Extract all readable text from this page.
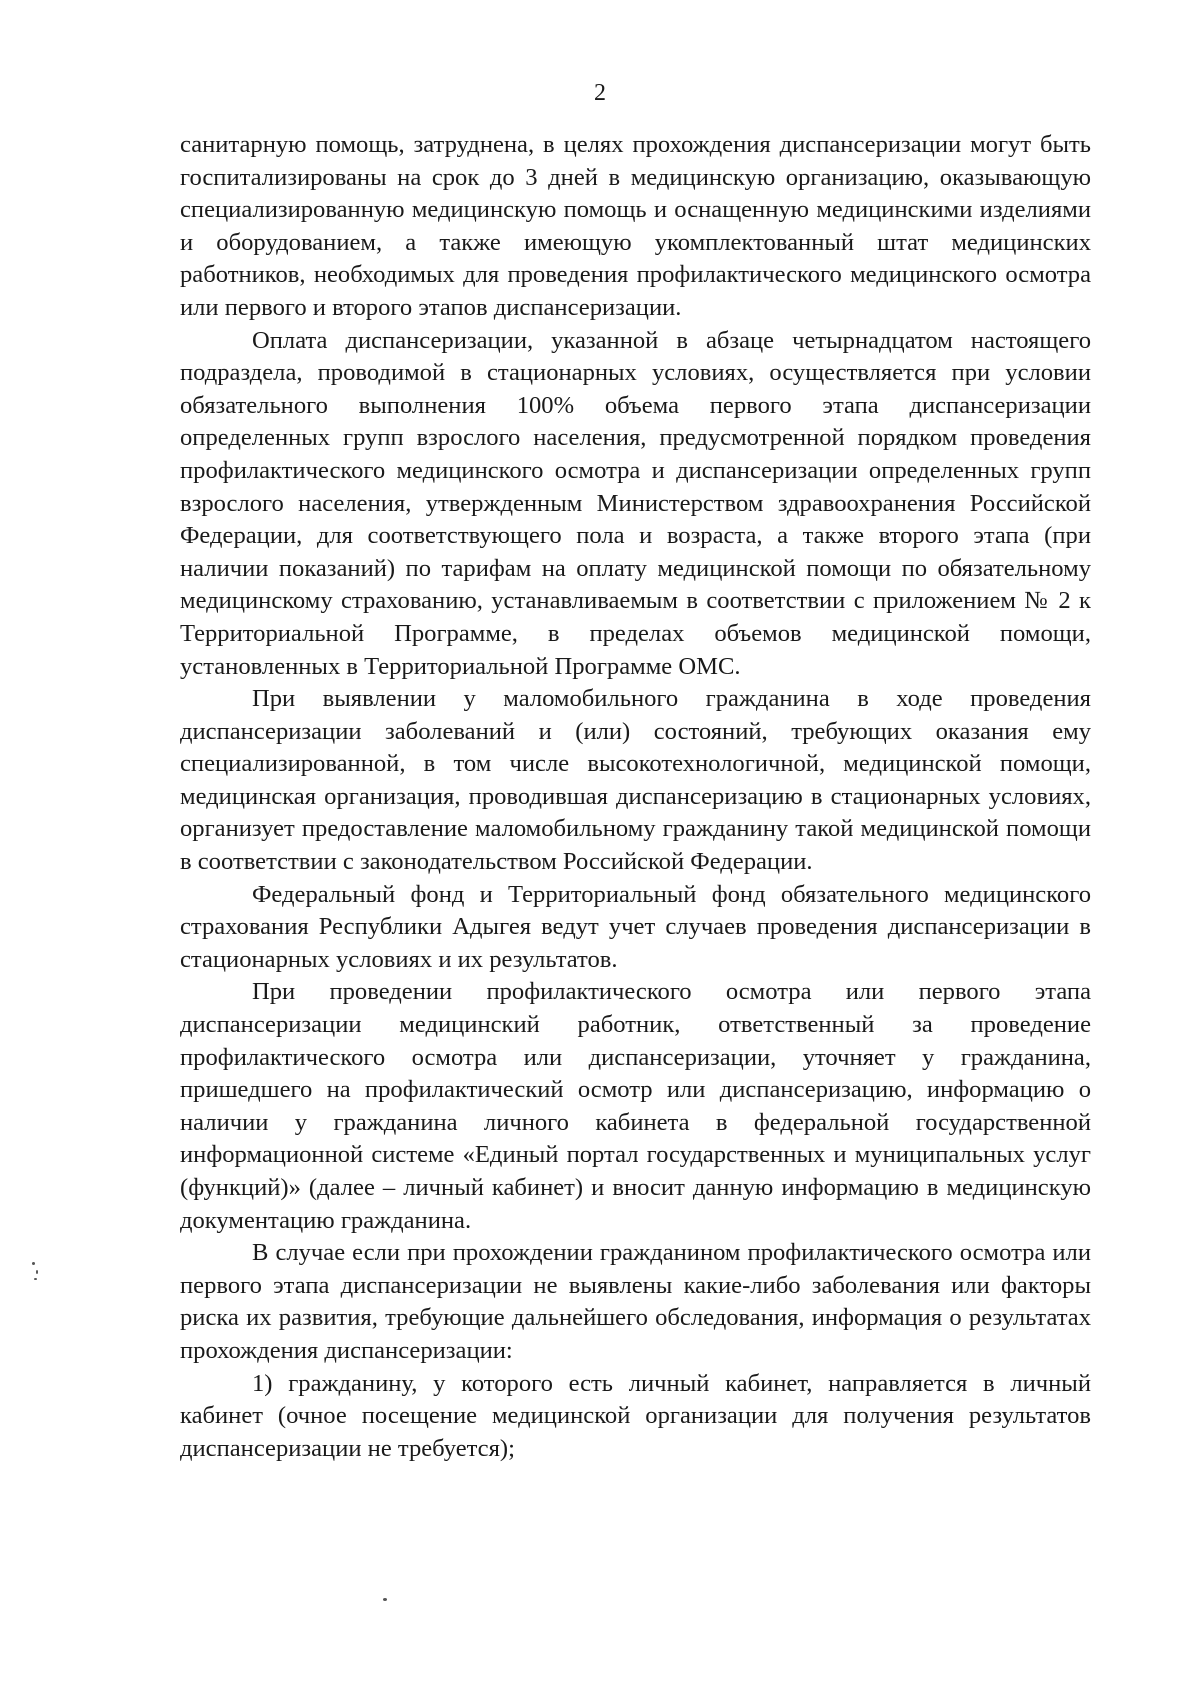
2

санитарную помощь, затруднена, в целях прохождения диспансеризации могут быть госпитализированы на срок до 3 дней в медицинскую организацию, оказывающую специализированную медицинскую помощь и оснащенную медицинскими изделиями и оборудованием, а также имеющую укомплектованный штат медицинских работников, необходимых для проведения профилактического медицинского осмотра или первого и второго этапов диспансеризации.

Оплата диспансеризации, указанной в абзаце четырнадцатом настоящего подраздела, проводимой в стационарных условиях, осуществляется при условии обязательного выполнения 100% объема первого этапа диспансеризации определенных групп взрослого населения, предусмотренной порядком проведения профилактического медицинского осмотра и диспансеризации определенных групп взрослого населения, утвержденным Министерством здравоохранения Российской Федерации, для соответствующего пола и возраста, а также второго этапа (при наличии показаний) по тарифам на оплату медицинской помощи по обязательному медицинскому страхованию, устанавливаемым в соответствии с приложением № 2 к Территориальной Программе, в пределах объемов медицинской помощи, установленных в Территориальной Программе ОМС.

При выявлении у маломобильного гражданина в ходе проведения диспансеризации заболеваний и (или) состояний, требующих оказания ему специализированной, в том числе высокотехнологичной, медицинской помощи, медицинская организация, проводившая диспансеризацию в стационарных условиях, организует предоставление маломобильному гражданину такой медицинской помощи в соответствии с законодательством Российской Федерации.

Федеральный фонд и Территориальный фонд обязательного медицинского страхования Республики Адыгея ведут учет случаев проведения диспансеризации в стационарных условиях и их результатов.

При проведении профилактического осмотра или первого этапа диспансеризации медицинский работник, ответственный за проведение профилактического осмотра или диспансеризации, уточняет у гражданина, пришедшего на профилактический осмотр или диспансеризацию, информацию о наличии у гражданина личного кабинета в федеральной государственной информационной системе «Единый портал государственных и муниципальных услуг (функций)» (далее – личный кабинет) и вносит данную информацию в медицинскую документацию гражданина.

В случае если при прохождении гражданином профилактического осмотра или первого этапа диспансеризации не выявлены какие-либо заболевания или факторы риска их развития, требующие дальнейшего обследования, информация о результатах прохождения диспансеризации:

1) гражданину, у которого есть личный кабинет, направляется в личный кабинет (очное посещение медицинской организации для получения результатов диспансеризации не требуется);
